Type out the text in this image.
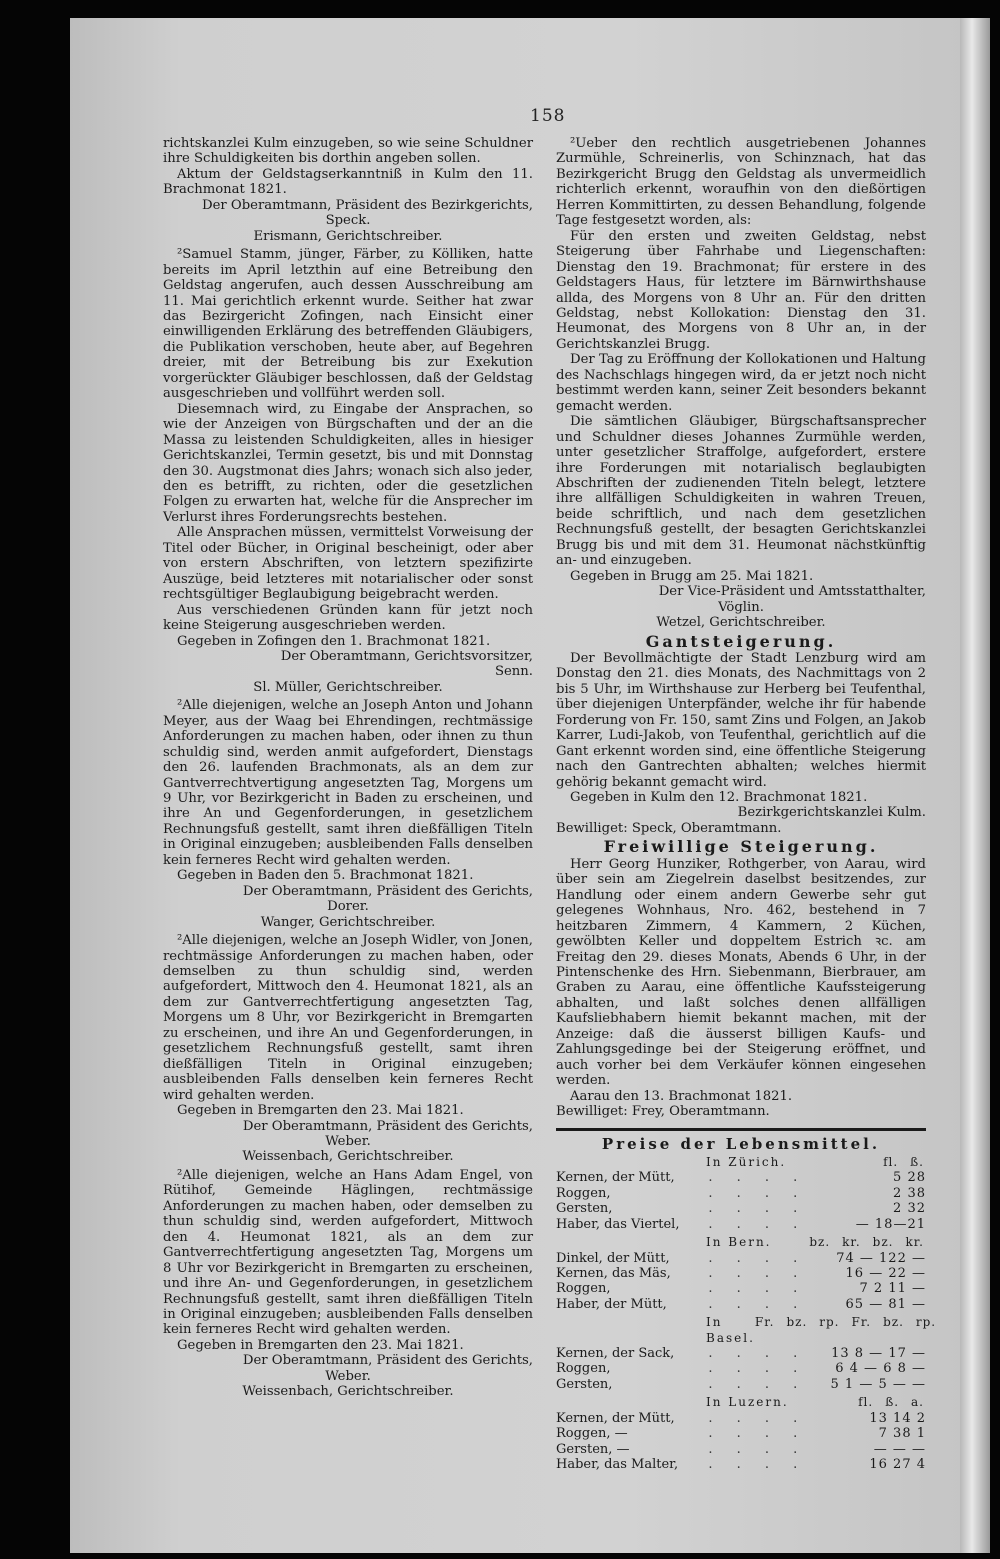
158

richtskanzlei Kulm einzugeben, so wie seine Schuldner ihre Schuldigkeiten bis dorthin angeben sollen.

Aktum der Geldstagserkanntniß in Kulm den 11. Brachmonat 1821.

Der Oberamtmann, Präsident des Bezirkgerichts,

Speck.

Erismann, Gerichtschreiber.

²Samuel Stamm, jünger, Färber, zu Kölliken, hatte bereits im April letzthin auf eine Betreibung den Geldstag angerufen, auch dessen Ausschreibung am 11. Mai gerichtlich erkennt wurde. Seither hat zwar das Bezirgericht Zofingen, nach Einsicht einer einwilligenden Erklärung des betreffenden Gläubigers, die Publikation verschoben, heute aber, auf Begehren dreier, mit der Betreibung bis zur Exekution vorgerückter Gläubiger beschlossen, daß der Geldstag ausgeschrieben und vollführt werden soll.

Diesemnach wird, zu Eingabe der Ansprachen, so wie der Anzeigen von Bürgschaften und der an die Massa zu leistenden Schuldigkeiten, alles in hiesiger Gerichtskanzlei, Termin gesetzt, bis und mit Donnstag den 30. Augstmonat dies Jahrs; wonach sich also jeder, den es betrifft, zu richten, oder die gesetzlichen Folgen zu erwarten hat, welche für die Ansprecher im Verlurst ihres Forderungsrechts bestehen.

Alle Ansprachen müssen, vermittelst Vorweisung der Titel oder Bücher, in Original bescheinigt, oder aber von erstern Abschriften, von letztern spezifizirte Auszüge, beid letzteres mit notarialischer oder sonst rechtsgültiger Beglaubigung beigebracht werden.

Aus verschiedenen Gründen kann für jetzt noch keine Steigerung ausgeschrieben werden.

Gegeben in Zofingen den 1. Brachmonat 1821.

Der Oberamtmann, Gerichtsvorsitzer,

Senn.

Sl. Müller, Gerichtschreiber.

²Alle diejenigen, welche an Joseph Anton und Johann Meyer, aus der Waag bei Ehrendingen, rechtmässige Anforderungen zu machen haben, oder ihnen zu thun schuldig sind, werden anmit aufgefordert, Dienstags den 26. laufenden Brachmonats, als an dem zur Gantverrechtvertigung angesetzten Tag, Morgens um 9 Uhr, vor Bezirkgericht in Baden zu erscheinen, und ihre An und Gegenforderungen, in gesetzlichem Rechnungsfuß gestellt, samt ihren dießfälligen Titeln in Original einzugeben; ausbleibenden Falls denselben kein ferneres Recht wird gehalten werden.

Gegeben in Baden den 5. Brachmonat 1821.

Der Oberamtmann, Präsident des Gerichts,

Dorer.

Wanger, Gerichtschreiber.

²Alle diejenigen, welche an Joseph Widler, von Jonen, rechtmässige Anforderungen zu machen haben, oder demselben zu thun schuldig sind, werden aufgefordert, Mittwoch den 4. Heumonat 1821, als an dem zur Gantverrechtfertigung angesetzten Tag, Morgens um 8 Uhr, vor Bezirkgericht in Bremgarten zu erscheinen, und ihre An und Gegenforderungen, in gesetzlichem Rechnungsfuß gestellt, samt ihren dießfälligen Titeln in Original einzugeben; ausbleibenden Falls denselben kein ferneres Recht wird gehalten werden.

Gegeben in Bremgarten den 23. Mai 1821.

Der Oberamtmann, Präsident des Gerichts,

Weber.

Weissenbach, Gerichtschreiber.

²Alle diejenigen, welche an Hans Adam Engel, von Rütihof, Gemeinde Häglingen, rechtmässige Anforderungen zu machen haben, oder demselben zu thun schuldig sind, werden aufgefordert, Mittwoch den 4. Heumonat 1821, als an dem zur Gantverrechtfertigung angesetzten Tag, Morgens um 8 Uhr vor Bezirkgericht in Bremgarten zu erscheinen, und ihre An- und Gegenforderungen, in gesetzlichem Rechnungsfuß gestellt, samt ihren dießfälligen Titeln in Original einzugeben; ausbleibenden Falls denselben kein ferneres Recht wird gehalten werden.

Gegeben in Bremgarten den 23. Mai 1821.

Der Oberamtmann, Präsident des Gerichts,

Weber.

Weissenbach, Gerichtschreiber.

²Ueber den rechtlich ausgetriebenen Johannes Zurmühle, Schreinerlis, von Schinznach, hat das Bezirkgericht Brugg den Geldstag als unvermeidlich richterlich erkennt, woraufhin von den dießörtigen Herren Kommittirten, zu dessen Behandlung, folgende Tage festgesetzt worden, als:

Für den ersten und zweiten Geldstag, nebst Steigerung über Fahrhabe und Liegenschaften: Dienstag den 19. Brachmonat; für erstere in des Geldstagers Haus, für letztere im Bärnwirthshause allda, des Morgens von 8 Uhr an. Für den dritten Geldstag, nebst Kollokation: Dienstag den 31. Heumonat, des Morgens von 8 Uhr an, in der Gerichtskanzlei Brugg.

Der Tag zu Eröffnung der Kollokationen und Haltung des Nachschlags hingegen wird, da er jetzt noch nicht bestimmt werden kann, seiner Zeit besonders bekannt gemacht werden.

Die sämtlichen Gläubiger, Bürgschaftsansprecher und Schuldner dieses Johannes Zurmühle werden, unter gesetzlicher Straffolge, aufgefordert, erstere ihre Forderungen mit notarialisch beglaubigten Abschriften der zudienenden Titeln belegt, letztere ihre allfälligen Schuldigkeiten in wahren Treuen, beide schriftlich, und nach dem gesetzlichen Rechnungsfuß gestellt, der besagten Gerichtskanzlei Brugg bis und mit dem 31. Heumonat nächstkünftig an- und einzugeben.

Gegeben in Brugg am 25. Mai 1821.

Der Vice-Präsident und Amtsstatthalter,

Vöglin.

Wetzel, Gerichtschreiber.

Gantsteigerung.

Der Bevollmächtigte der Stadt Lenzburg wird am Donstag den 21. dies Monats, des Nachmittags von 2 bis 5 Uhr, im Wirthshause zur Herberg bei Teufenthal, über diejenigen Unterpfänder, welche ihr für habende Forderung von Fr. 150, samt Zins und Folgen, an Jakob Karrer, Ludi-Jakob, von Teufenthal, gerichtlich auf die Gant erkennt worden sind, eine öffentliche Steigerung nach den Gantrechten abhalten; welches hiermit gehörig bekannt gemacht wird.

Gegeben in Kulm den 12. Brachmonat 1821.

Bezirkgerichtskanzlei Kulm.

Bewilliget: Speck, Oberamtmann.

Freiwillige Steigerung.

Herr Georg Hunziker, Rothgerber, von Aarau, wird über sein am Ziegelrein daselbst besitzendes, zur Handlung oder einem andern Gewerbe sehr gut gelegenes Wohnhaus, Nro. 462, bestehend in 7 heitzbaren Zimmern, 4 Kammern, 2 Küchen, gewölbten Keller und doppeltem Estrich ꝛc. am Freitag den 29. dieses Monats, Abends 6 Uhr, in der Pintenschenke des Hrn. Siebenmann, Bierbrauer, am Graben zu Aarau, eine öffentliche Kaufssteigerung abhalten, und laßt solches denen allfälligen Kaufsliebhabern hiemit bekannt machen, mit der Anzeige: daß die äusserst billigen Kaufs- und Zahlungsgedinge bei der Steigerung eröffnet, und auch vorher bei dem Verkäufer können eingesehen werden.

Aarau den 13. Brachmonat 1821.

Bewilliget: Frey, Oberamtmann.

Preise der Lebensmittel.
In Zürich.	fl. ß.
Kernen, der Mütt,	. . . .	5 28
Roggen,	. . . .	2 38
Gersten,	. . . .	2 32
Haber, das Viertel,	. . . .	— 18—21
In Bern.	bz. kr. bz. kr.
Dinkel, der Mütt,	. . . .	74 — 122 —
Kernen, das Mäs,	. . . .	16 — 22 —
Roggen,	. . . .	7 2 11 —
Haber, der Mütt,	. . . .	65 — 81 —
In Basel.
Fr. bz. rp. Fr. bz. rp.
Kernen, der Sack,	. . . .	13 8 — 17 —
Roggen,	. . . .	6 4 — 6 8 —
Gersten,	. . . .	5 1 — 5 — —
In Luzern.	fl. ß. a.
Kernen, der Mütt,	. . . .	13 14 2
Roggen, —	. . . .	7 38 1
Gersten, —	. . . .	— — —
Haber, das Malter,	. . . .	16 27 4
